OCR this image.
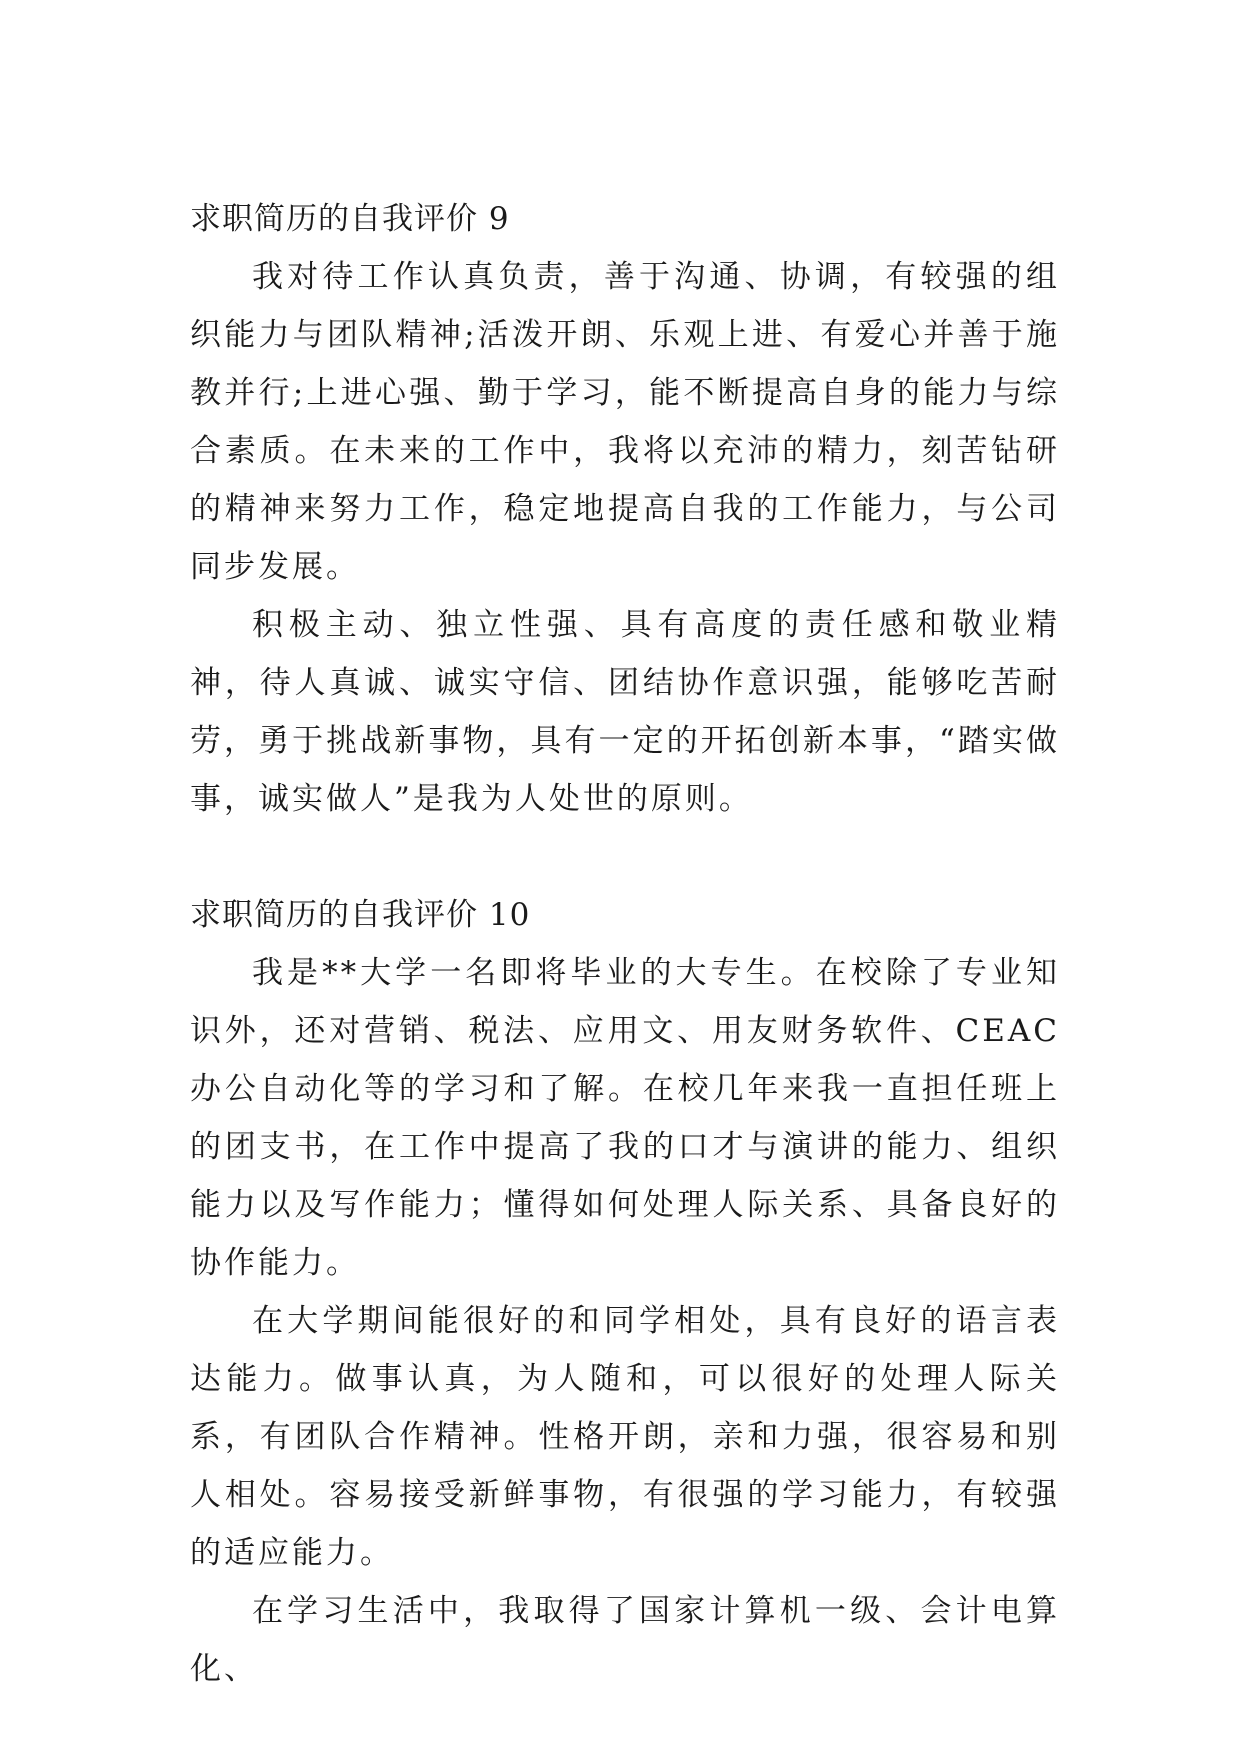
求职简历的自我评价 9

我对待工作认真负责，善于沟通、协调，有较强的组织能力与团队精神;活泼开朗、乐观上进、有爱心并善于施教并行;上进心强、勤于学习，能不断提高自身的能力与综合素质。在未来的工作中，我将以充沛的精力，刻苦钻研的精神来努力工作，稳定地提高自我的工作能力，与公司同步发展。

积极主动、独立性强、具有高度的责任感和敬业精神，待人真诚、诚实守信、团结协作意识强，能够吃苦耐劳，勇于挑战新事物，具有一定的开拓创新本事，“踏实做事，诚实做人”是我为人处世的原则。

求职简历的自我评价 10

我是**大学一名即将毕业的大专生。在校除了专业知识外，还对营销、税法、应用文、用友财务软件、CEAC 办公自动化等的学习和了解。在校几年来我一直担任班上的团支书，在工作中提高了我的口才与演讲的能力、组织能力以及写作能力；懂得如何处理人际关系、具备良好的协作能力。

在大学期间能很好的和同学相处，具有良好的语言表达能力。做事认真，为人随和，可以很好的处理人际关系，有团队合作精神。性格开朗，亲和力强，很容易和别人相处。容易接受新鲜事物，有很强的学习能力，有较强的适应能力。

在学习生活中，我取得了国家计算机一级、会计电算化、
